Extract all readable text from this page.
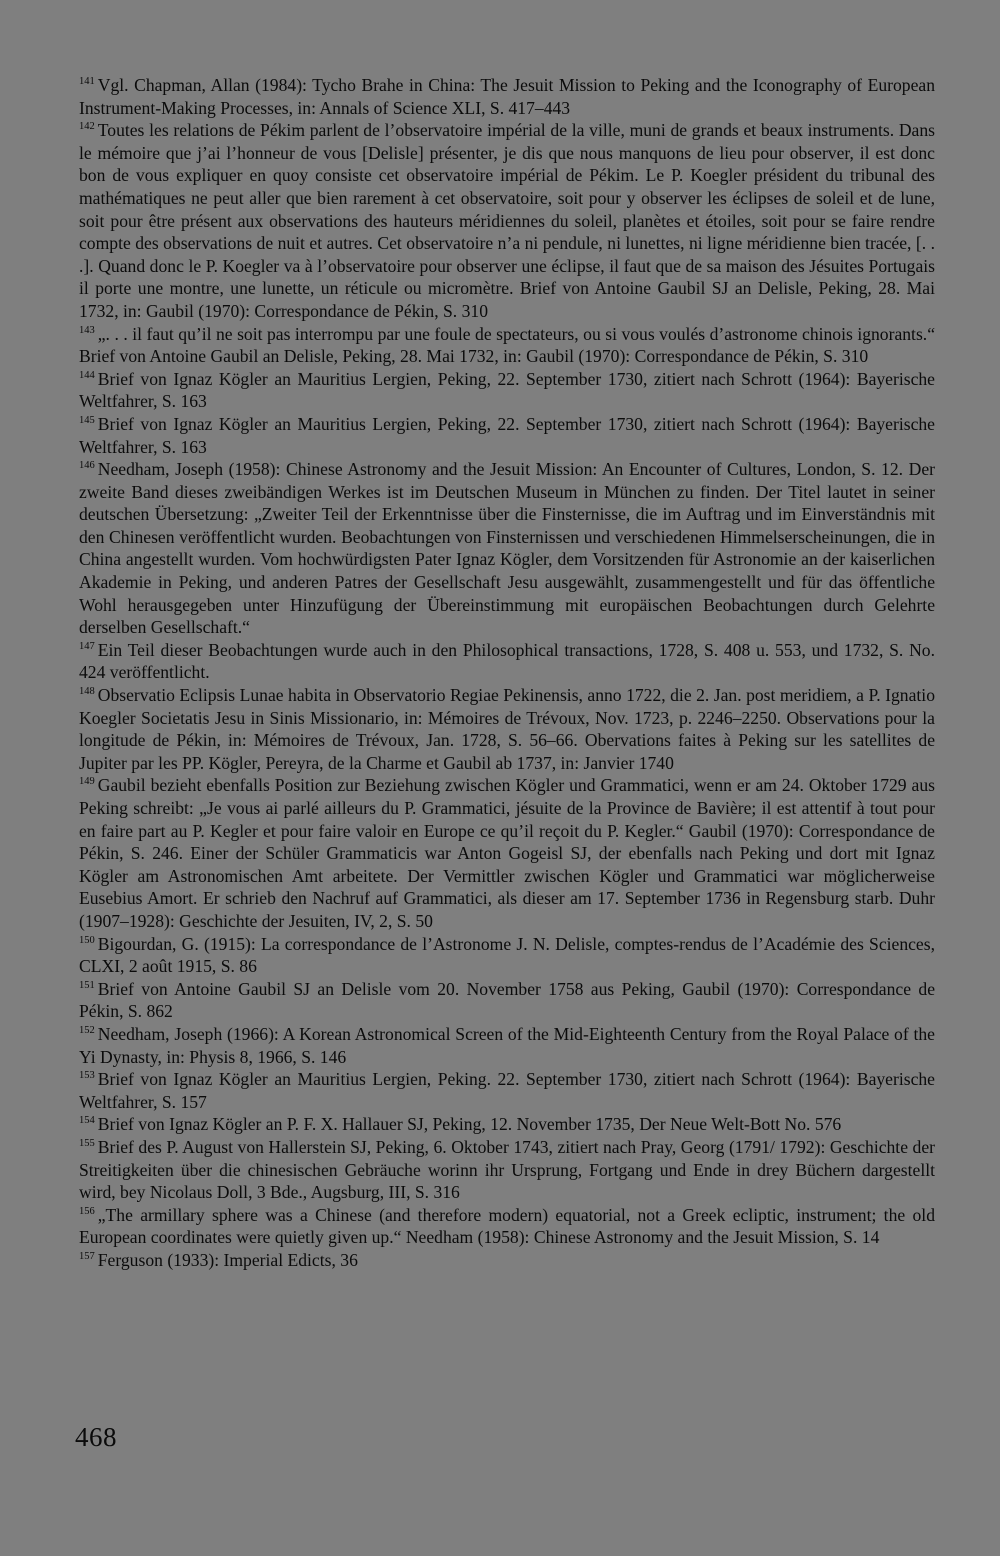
$^{141}$ Vgl. Chapman, Allan (1984): Tycho Brahe in China: The Jesuit Mission to Peking and the Iconography of European Instrument-Making Processes, in: Annals of Science XLI, S. 417–443

$^{142}$ Toutes les relations de Pékim parlent de l’observatoire impérial de la ville, muni de grands et beaux instruments. Dans le mémoire que j’ai l’honneur de vous [Delisle] présenter, je dis que nous manquons de lieu pour observer, il est donc bon de vous expliquer en quoy consiste cet observatoire impérial de Pékim. Le P. Koegler président du tribunal des mathématiques ne peut aller que bien rarement à cet observatoire, soit pour y observer les éclipses de soleil et de lune, soit pour être présent aux observations des hauteurs méridiennes du soleil, planètes et étoiles, soit pour se faire rendre compte des observations de nuit et autres. Cet observatoire n’a ni pendule, ni lunettes, ni ligne méridienne bien tracée, [. . .]. Quand donc le P. Koegler va à l’observatoire pour observer une éclipse, il faut que de sa maison des Jésuites Portugais il porte une montre, une lunette, un réticule ou micromètre. Brief von Antoine Gaubil SJ an Delisle, Peking, 28. Mai 1732, in: Gaubil (1970): Correspondance de Pékin, S. 310

$^{143}$ „. . . il faut qu’il ne soit pas interrompu par une foule de spectateurs, ou si vous voulés d’astronome chinois ignorants.“ Brief von Antoine Gaubil an Delisle, Peking, 28. Mai 1732, in: Gaubil (1970): Correspondance de Pékin, S. 310

$^{144}$ Brief von Ignaz Kögler an Mauritius Lergien, Peking, 22. September 1730, zitiert nach Schrott (1964): Bayerische Weltfahrer, S. 163

$^{145}$ Brief von Ignaz Kögler an Mauritius Lergien, Peking, 22. September 1730, zitiert nach Schrott (1964): Bayerische Weltfahrer, S. 163

$^{146}$ Needham, Joseph (1958): Chinese Astronomy and the Jesuit Mission: An Encounter of Cultures, London, S. 12. Der zweite Band dieses zweibändigen Werkes ist im Deutschen Museum in München zu finden. Der Titel lautet in seiner deutschen Übersetzung: „Zweiter Teil der Erkenntnisse über die Finsternisse, die im Auftrag und im Einverständnis mit den Chinesen veröffentlicht wurden. Beobachtungen von Finsternissen und verschiedenen Himmelserscheinungen, die in China angestellt wurden. Vom hochwürdigsten Pater Ignaz Kögler, dem Vorsitzenden für Astronomie an der kaiserlichen Akademie in Peking, und anderen Patres der Gesellschaft Jesu ausgewählt, zusammengestellt und für das öffentliche Wohl herausgegeben unter Hinzufügung der Übereinstimmung mit europäischen Beobachtungen durch Gelehrte derselben Gesellschaft.“

$^{147}$ Ein Teil dieser Beobachtungen wurde auch in den Philosophical transactions, 1728, S. 408 u. 553, und 1732, S. No. 424 veröffentlicht.

$^{148}$ Observatio Eclipsis Lunae habita in Observatorio Regiae Pekinensis, anno 1722, die 2. Jan. post meridiem, a P. Ignatio Koegler Societatis Jesu in Sinis Missionario, in: Mémoires de Trévoux, Nov. 1723, p. 2246–2250. Observations pour la longitude de Pékin, in: Mémoires de Trévoux, Jan. 1728, S. 56–66. Obervations faites à Peking sur les satellites de Jupiter par les PP. Kögler, Pereyra, de la Charme et Gaubil ab 1737, in: Janvier 1740

$^{149}$ Gaubil bezieht ebenfalls Position zur Beziehung zwischen Kögler und Grammatici, wenn er am 24. Oktober 1729 aus Peking schreibt: „Je vous ai parlé ailleurs du P. Grammatici, jésuite de la Province de Bavière; il est attentif à tout pour en faire part au P. Kegler et pour faire valoir en Europe ce qu’il reçoit du P. Kegler.“ Gaubil (1970): Correspondance de Pékin, S. 246. Einer der Schüler Grammaticis war Anton Gogeisl SJ, der ebenfalls nach Peking und dort mit Ignaz Kögler am Astronomischen Amt arbeitete. Der Vermittler zwischen Kögler und Grammatici war möglicherweise Eusebius Amort. Er schrieb den Nachruf auf Grammatici, als dieser am 17. September 1736 in Regensburg starb. Duhr (1907–1928): Geschichte der Jesuiten, IV, 2, S. 50

$^{150}$ Bigourdan, G. (1915): La correspondance de l’Astronome J. N. Delisle, comptes-rendus de l’Académie des Sciences, CLXI, 2 août 1915, S. 86

$^{151}$ Brief von Antoine Gaubil SJ an Delisle vom 20. November 1758 aus Peking, Gaubil (1970): Correspondance de Pékin, S. 862

$^{152}$ Needham, Joseph (1966): A Korean Astronomical Screen of the Mid-Eighteenth Century from the Royal Palace of the Yi Dynasty, in: Physis 8, 1966, S. 146

$^{153}$ Brief von Ignaz Kögler an Mauritius Lergien, Peking. 22. September 1730, zitiert nach Schrott (1964): Bayerische Weltfahrer, S. 157

$^{154}$ Brief von Ignaz Kögler an P. F. X. Hallauer SJ, Peking, 12. November 1735, Der Neue Welt-Bott No. 576

$^{155}$ Brief des P. August von Hallerstein SJ, Peking, 6. Oktober 1743, zitiert nach Pray, Georg (1791/ 1792): Geschichte der Streitigkeiten über die chinesischen Gebräuche worinn ihr Ursprung, Fortgang und Ende in drey Büchern dargestellt wird, bey Nicolaus Doll, 3 Bde., Augsburg, III, S. 316

$^{156}$ „The armillary sphere was a Chinese (and therefore modern) equatorial, not a Greek ecliptic, instrument; the old European coordinates were quietly given up.“ Needham (1958): Chinese Astronomy and the Jesuit Mission, S. 14

$^{157}$ Ferguson (1933): Imperial Edicts, 36

468
